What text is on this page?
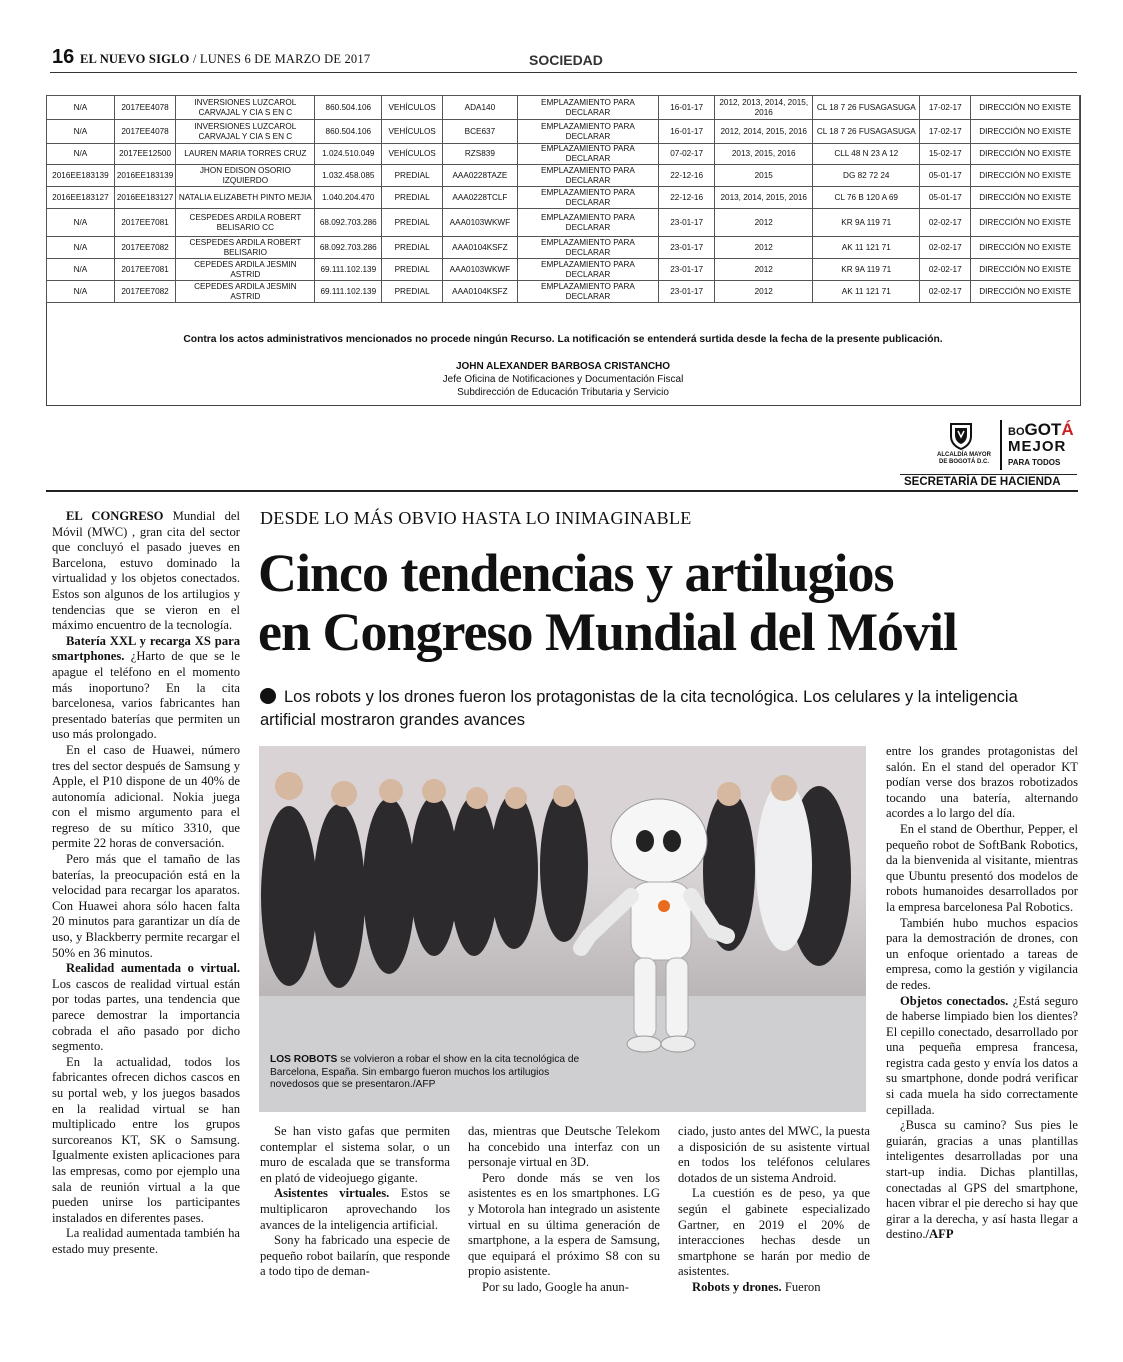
16 EL NUEVO SIGLO / LUNES 6 DE MARZO DE 2017	SOCIEDAD
N/A	2017EE4078	INVERSIONES LUZCAROL CARVAJAL Y CIA S EN C	860.504.106	VEHÍCULOS	ADA140	EMPLAZAMIENTO PARA DECLARAR	16-01-17	2012, 2013, 2014, 2015, 2016	CL 18 7 26 FUSAGASUGA	17-02-17	DIRECCIÓN NO EXISTE
N/A	2017EE4078	INVERSIONES LUZCAROL CARVAJAL Y CIA S EN C	860.504.106	VEHÍCULOS	BCE637	EMPLAZAMIENTO PARA DECLARAR	16-01-17	2012, 2014, 2015, 2016	CL 18 7 26 FUSAGASUGA	17-02-17	DIRECCIÓN NO EXISTE
N/A	2017EE12500	LAUREN MARIA TORRES CRUZ	1.024.510.049	VEHÍCULOS	RZS839	EMPLAZAMIENTO PARA DECLARAR	07-02-17	2013, 2015, 2016	CLL 48 N 23 A 12	15-02-17	DIRECCIÓN NO EXISTE
2016EE183139	2016EE183139	JHON EDISON OSORIO IZQUIERDO	1.032.458.085	PREDIAL	AAA0228TAZE	EMPLAZAMIENTO PARA DECLARAR	22-12-16	2015	DG 82 72 24	05-01-17	DIRECCIÓN NO EXISTE
2016EE183127	2016EE183127	NATALIA ELIZABETH PINTO MEJIA	1.040.204.470	PREDIAL	AAA0228TCLF	EMPLAZAMIENTO PARA DECLARAR	22-12-16	2013, 2014, 2015, 2016	CL 76 B 120 A 69	05-01-17	DIRECCIÓN NO EXISTE
N/A	2017EE7081	CESPEDES ARDILA ROBERT BELISARIO CC	68.092.703.286	PREDIAL	AAA0103WKWF	EMPLAZAMIENTO PARA DECLARAR	23-01-17	2012	KR 9A 119 71	02-02-17	DIRECCIÓN NO EXISTE
N/A	2017EE7082	CESPEDES ARDILA ROBERT BELISARIO	68.092.703.286	PREDIAL	AAA0104KSFZ	EMPLAZAMIENTO PARA DECLARAR	23-01-17	2012	AK 11 121 71	02-02-17	DIRECCIÓN NO EXISTE
N/A	2017EE7081	CEPEDES ARDILA JESMIN ASTRID	69.111.102.139	PREDIAL	AAA0103WKWF	EMPLAZAMIENTO PARA DECLARAR	23-01-17	2012	KR 9A 119 71	02-02-17	DIRECCIÓN NO EXISTE
N/A	2017EE7082	CEPEDES ARDILA JESMIN ASTRID	69.111.102.139	PREDIAL	AAA0104KSFZ	EMPLAZAMIENTO PARA DECLARAR	23-01-17	2012	AK 11 121 71	02-02-17	DIRECCIÓN NO EXISTE
Contra los actos administrativos mencionados no procede ningún Recurso. La notificación se entenderá surtida desde la fecha de la presente publicación.
JOHN ALEXANDER BARBOSA CRISTANCHO
Jefe Oficina de Notificaciones y Documentación Fiscal
Subdirección de Educación Tributaria y Servicio
ALCALDÍA MAYOR
DE BOGOTÁ D.C.
BOGOTÁ
MEJOR
PARA TODOS
SECRETARÍA DE HACIENDA

EL CONGRESO Mundial del Móvil (MWC) , gran cita del sector que concluyó el pasado jueves en Barcelona, estuvo dominado la virtualidad y los objetos conectados. Estos son algunos de los artilugios y tendencias que se vieron en el máximo encuentro de la tecnología.

Batería XXL y recarga XS para smartphones. ¿Harto de que se le apague el teléfono en el momento más inoportuno? En la cita barcelonesa, varios fabricantes han presentado baterías que permiten un uso más prolongado.

En el caso de Huawei, número tres del sector después de Samsung y Apple, el P10 dispone de un 40% de autonomía adicional. Nokia juega con el mismo argumento para el regreso de su mítico 3310, que permite 22 horas de conversación.

Pero más que el tamaño de las baterías, la preocupación está en la velocidad para recargar los aparatos. Con Huawei ahora sólo hacen falta 20 minutos para garantizar un día de uso, y Blackberry permite recargar el 50% en 36 minutos.

Realidad aumentada o virtual. Los cascos de realidad virtual están por todas partes, una tendencia que parece demostrar la importancia cobrada el año pasado por dicho segmento.

En la actualidad, todos los fabricantes ofrecen dichos cascos en su portal web, y los juegos basados en la realidad virtual se han multiplicado entre los grupos surcoreanos KT, SK o Samsung. Igualmente existen aplicaciones para las empresas, como por ejemplo una sala de reunión virtual a la que pueden unirse los participantes instalados en diferentes pases.

La realidad aumentada también ha estado muy presente.

DESDE LO MÁS OBVIO HASTA LO INIMAGINABLE
Cinco tendencias y artilugios
en Congreso Mundial del Móvil
Los robots y los drones fueron los protagonistas de la cita tecnológica. Los celulares y la inteligencia artificial mostraron grandes avances
LOS ROBOTS se volvieron a robar el show en la cita tecnológica de Barcelona, España. Sin embargo fueron muchos los artilugios novedosos que se presentaron./AFP

Se han visto gafas que permiten contemplar el sistema solar, o un muro de escalada que se transforma en plató de videojuego gigante.

Asistentes virtuales. Estos se multiplicaron aprovechando los avances de la inteligencia artificial.

Sony ha fabricado una especie de pequeño robot bailarín, que responde a todo tipo de deman-

das, mientras que Deutsche Telekom ha concebido una interfaz con un personaje virtual en 3D.

Pero donde más se ven los asistentes es en los smartphones. LG y Motorola han integrado un asistente virtual en su última generación de smartphone, a la espera de Samsung, que equipará el próximo S8 con su propio asistente.

Por su lado, Google ha anun-

ciado, justo antes del MWC, la puesta a disposición de su asistente virtual en todos los teléfonos celulares dotados de un sistema Android.

La cuestión es de peso, ya que según el gabinete especializado Gartner, en 2019 el 20% de interacciones hechas desde un smartphone se harán por medio de asistentes.

Robots y drones. Fueron

entre los grandes protagonistas del salón. En el stand del operador KT podían verse dos brazos robotizados tocando una batería, alternando acordes a lo largo del día.

En el stand de Oberthur, Pepper, el pequeño robot de SoftBank Robotics, da la bienvenida al visitante, mientras que Ubuntu presentó dos modelos de robots humanoides desarrollados por la empresa barcelonesa Pal Robotics.

También hubo muchos espacios para la demostración de drones, con un enfoque orientado a tareas de empresa, como la gestión y vigilancia de redes.

Objetos conectados. ¿Está seguro de haberse limpiado bien los dientes? El cepillo conectado, desarrollado por una pequeña empresa francesa, registra cada gesto y envía los datos a su smartphone, donde podrá verificar si cada muela ha sido correctamente cepillada.

¿Busca su camino? Sus pies le guiarán, gracias a unas plantillas inteligentes desarrolladas por una start-up india. Dichas plantillas, conectadas al GPS del smartphone, hacen vibrar el pie derecho si hay que girar a la derecha, y así hasta llegar a destino./AFP
